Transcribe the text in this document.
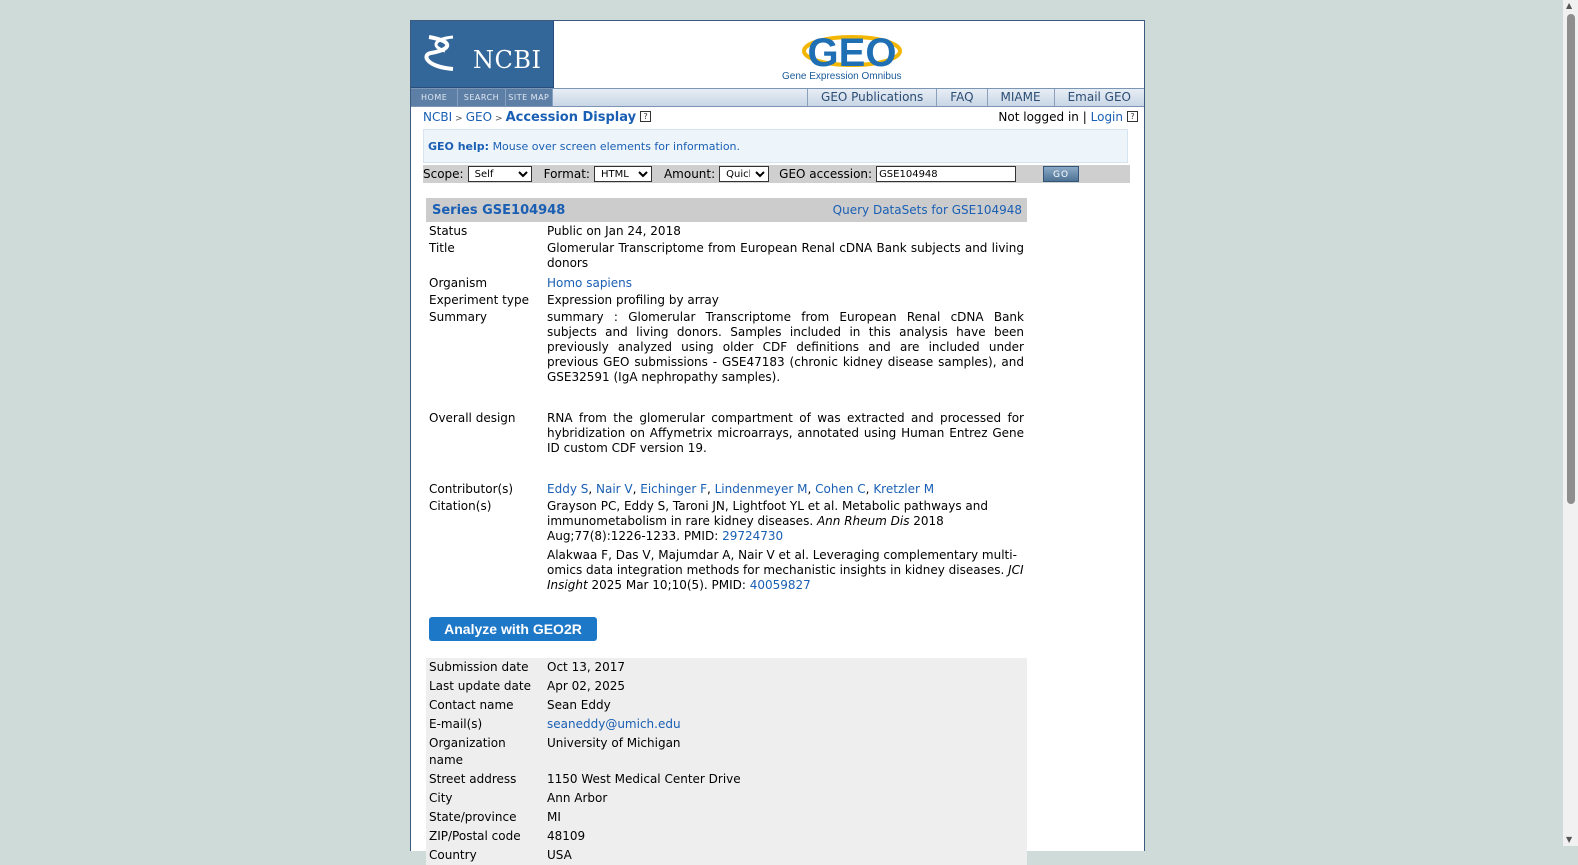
NCBI	GEO
Gene Expression Omnibus
HOME	SEARCH	SITE MAP	GEO Publications	FAQ	MIAME	Email GEO
NCBI > GEO > Accession Display ?	Not logged in | Login ?
GEO help: Mouse over screen elements for information.
Scope:
Self	Format:
HTML	Amount:
Quick	GEO accession:
GSE104948	GO
Series GSE104948	Query DataSets for GSE104948
Status	Public on Jan 24, 2018
Title	Glomerular Transcriptome from European Renal cDNA Bank subjects and living donors
Organism	Homo sapiens
Experiment type	Expression profiling by array
Summary	summary : Glomerular Transcriptome from European Renal cDNA Bank subjects and living donors. Samples included in this analysis have been previously analyzed using older CDF definitions and are included under previous GEO submissions - GSE47183 (chronic kidney disease samples), and GSE32591 (IgA nephropathy samples).

Overall design	RNA from the glomerular compartment of was extracted and processed for hybridization on Affymetrix microarrays, annotated using Human Entrez Gene ID custom CDF version 19.

Contributor(s)	Eddy S, Nair V, Eichinger F, Lindenmeyer M, Cohen C, Kretzler M
Citation(s)	Grayson PC, Eddy S, Taroni JN, Lightfoot YL et al. Metabolic pathways and immunometabolism in rare kidney diseases. Ann Rheum Dis 2018 Aug;77(8):1226-1233. PMID: 29724730
Alakwaa F, Das V, Majumdar A, Nair V et al. Leveraging complementary multi-omics data integration methods for mechanistic insights in kidney diseases. JCI Insight 2025 Mar 10;10(5). PMID: 40059827
Analyze with GEO2R
Submission date	Oct 13, 2017
Last update date	Apr 02, 2025
Contact name	Sean Eddy
E-mail(s)	seaneddy@umich.edu
Organization name	University of Michigan
Street address	1150 West Medical Center Drive
City	Ann Arbor
State/province	MI
ZIP/Postal code	48109
Country	USA
▲
▼
